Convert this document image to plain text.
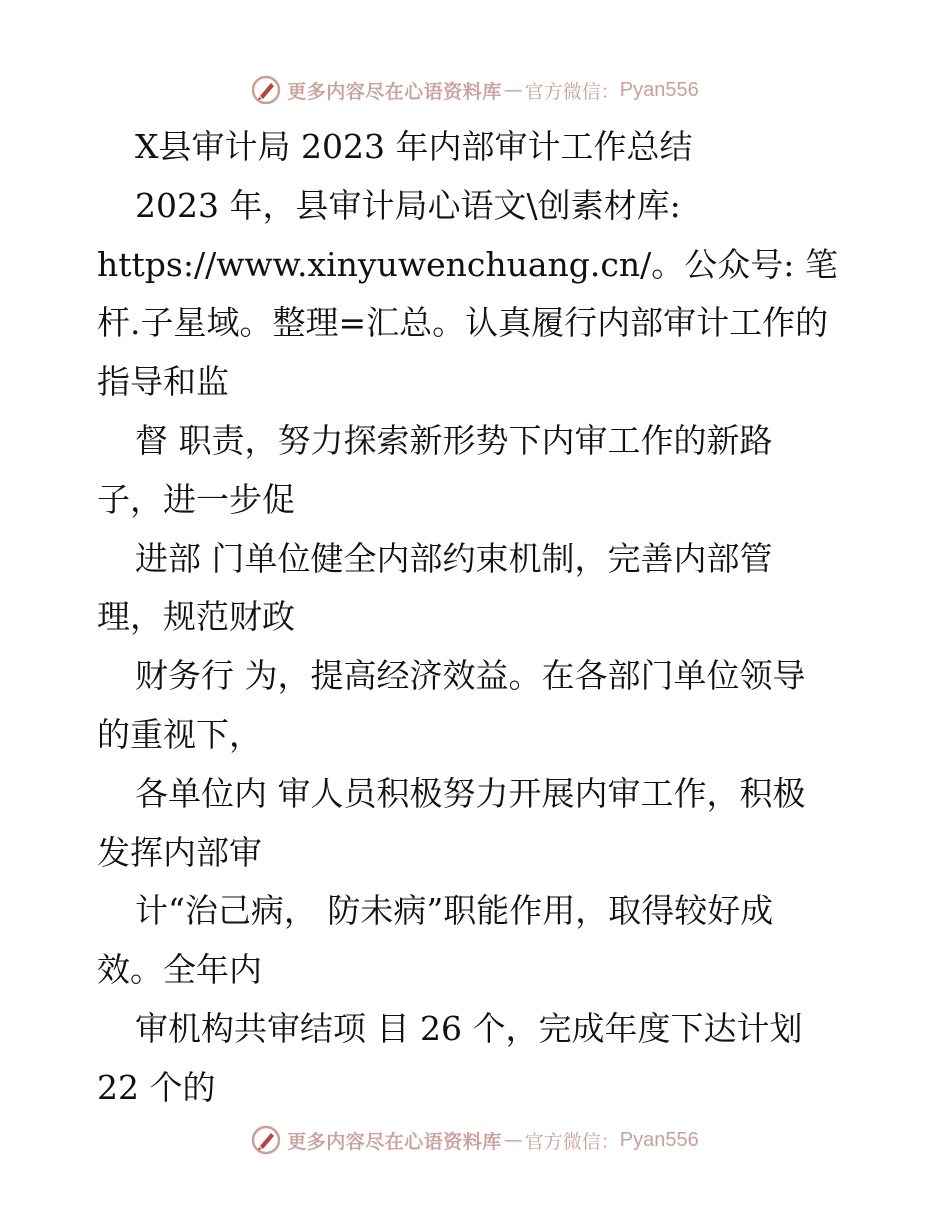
更多内容尽在心语资料库 — 官方微信： Pyan556
X县审计局 2023 年内部审计工作总结
2023 年，县审计局心语文\创素材库:
https://www.xinyuwenchuang.cn/。公众号: 笔
杆.子星域。整理=汇总。认真履行内部审计工作的
指导和监
督 职责，努力探索新形势下内审工作的新路
子，进一步促
进部 门单位健全内部约束机制，完善内部管
理，规范财政
财务行 为，提高经济效益。在各部门单位领导
的重视下，
各单位内 审人员积极努力开展内审工作，积极
发挥内部审
计“治己病， 防未病”职能作用，取得较好成
效。全年内
审机构共审结项 目 26 个，完成年度下达计划
22 个的
更多内容尽在心语资料库 — 官方微信： Pyan556
